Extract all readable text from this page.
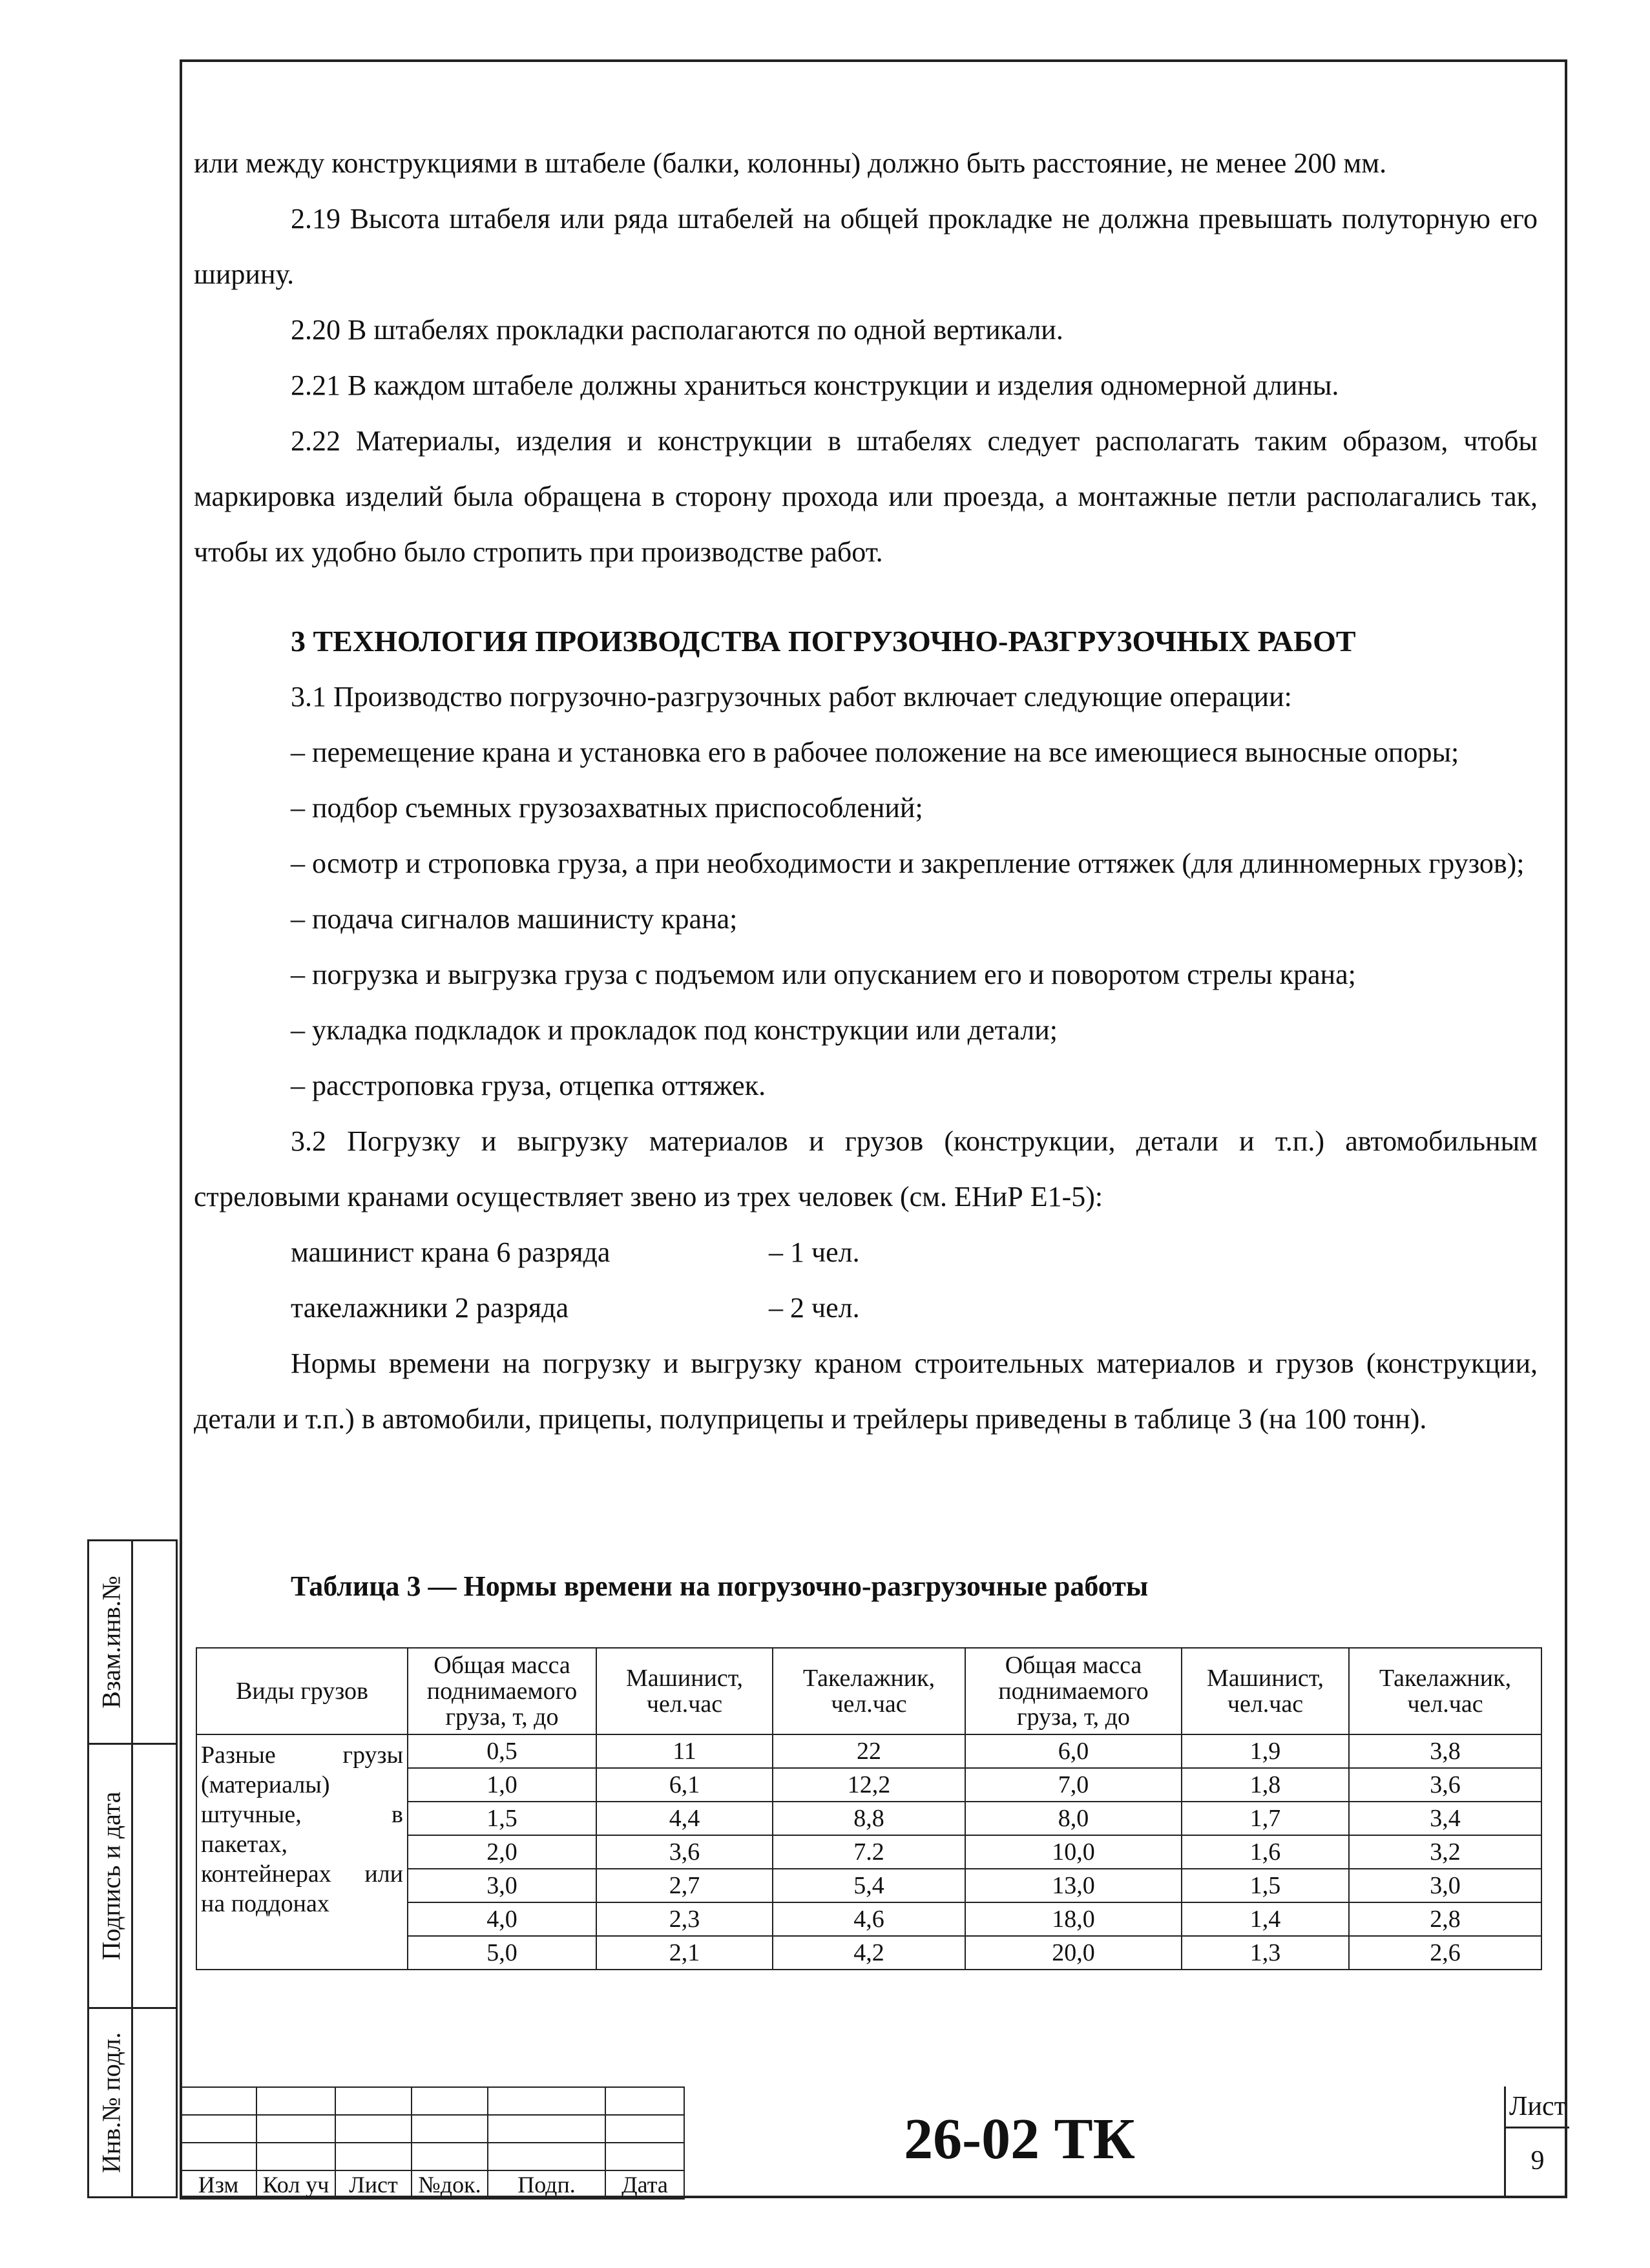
или между конструкциями в штабеле (балки, колонны) должно быть расстояние, не менее 200 мм.

2.19 Высота штабеля или ряда штабелей на общей прокладке не должна превышать полуторную его ширину.

2.20 В штабелях прокладки располагаются по одной вертикали.

2.21 В каждом штабеле должны храниться конструкции и изделия одномерной длины.

2.22 Материалы, изделия и конструкции в штабелях следует располагать таким образом, чтобы маркировка изделий была обращена в сторону прохода или проезда, а монтажные петли располагались так, чтобы их удобно было стропить при производстве работ.

3 ТЕХНОЛОГИЯ ПРОИЗВОДСТВА ПОГРУЗОЧНО-РАЗГРУЗОЧНЫХ РАБОТ

3.1 Производство погрузочно-разгрузочных работ включает следующие операции:

– перемещение крана и установка его в рабочее положение на все имеющиеся выносные опоры;

– подбор съемных грузозахватных приспособлений;

– осмотр и строповка груза, а при необходимости и закрепление оттяжек (для длинномерных грузов);

– подача сигналов машинисту крана;

– погрузка и выгрузка груза с подъемом или опусканием его и поворотом стрелы крана;

– укладка подкладок и прокладок под конструкции или детали;

– расстроповка груза, отцепка оттяжек.

3.2 Погрузку и выгрузку материалов и грузов (конструкции, детали и т.п.) автомобильным стреловыми кранами осуществляет звено из трех человек (см. ЕНиР Е1-5):

машинист крана 6 разряда	– 1 чел.
такелажники 2 разряда	– 2 чел.

Нормы времени на погрузку и выгрузку краном строительных материалов и грузов (конструкции, детали и т.п.) в автомобили, прицепы, полуприцепы и трейлеры приведены в таблице 3 (на 100 тонн).

Таблица 3 — Нормы времени на погрузочно-разгрузочные работы
Виды грузов	Общая масса поднимаемого груза, т, до	Машинист, чел.час	Такелажник, чел.час	Общая масса поднимаемого груза, т, до	Машинист, чел.час	Такелажник, чел.час
Разные грузы (материалы) штучные, в пакетах, контейнерах или на поддонах	0,5	11	22	6,0	1,9	3,8
	1,0	6,1	12,2	7,0	1,8	3,6
	1,5	4,4	8,8	8,0	1,7	3,4
	2,0	3,6	7.2	10,0	1,6	3,2
	3,0	2,7	5,4	13,0	1,5	3,0
	4,0	2,3	4,6	18,0	1,4	2,8
	5,0	2,1	4,2	20,0	1,3	2,6
Взам.инв.№
Подпись и дата
Инв.№ подл.

Изм	Кол уч	Лист	№док.	Подп.	Дата
26-02 ТК
Лист
9
